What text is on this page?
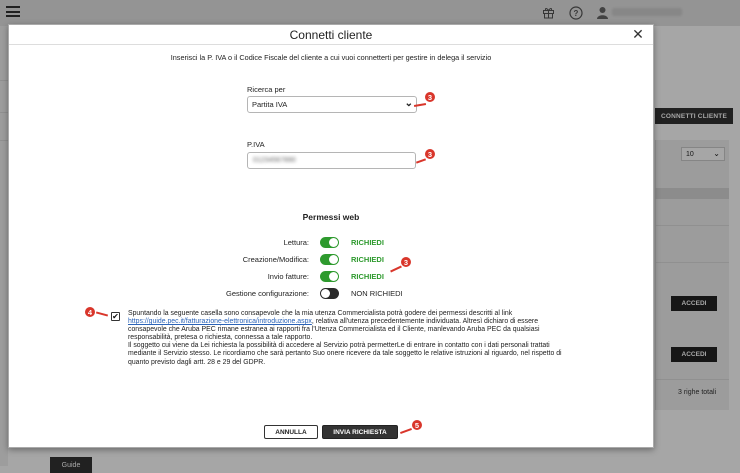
?
CONNETTI CLIENTE
10 ⌄
ACCEDI
ACCEDI
3 righe totali
Guide
Connetti cliente	✕
Inserisci la P. IVA o il Codice Fiscale del cliente a cui vuoi connetterti per gestire in delega il servizio
Ricerca per
Partita IVA	⌄
P.IVA
01234567890
Permessi web
Lettura:	RICHIEDI
Creazione/Modifica:	RICHIEDI
Invio fatture:	RICHIEDI
Gestione configurazione:	NON RICHIEDI
✔ Spuntando la seguente casella sono consapevole che la mia utenza Commercialista potrà godere dei permessi descritti al link https://guide.pec.it/fatturazione-elettronica/introduzione.aspx, relativa all'utenza precedentemente individuata. Altresì dichiaro di essere consapevole che Aruba PEC rimane estranea ai rapporti fra l'Utenza Commercialista ed il Cliente, manlevando Aruba PEC da qualsiasi responsabilità, pretesa o richiesta, connessa a tale rapporto.
Il soggetto cui viene da Lei richiesta la possibilità di accedere al Servizio potrà permetterLe di entrare in contatto con i dati personali trattati mediante il Servizio stesso. Le ricordiamo che sarà pertanto Suo onere ricevere da tale soggetto le relative istruzioni al riguardo, nel rispetto di quanto previsto dagli artt. 28 e 29 del GDPR.
ANNULLA	INVIA RICHIESTA
3
3
3
4
5
